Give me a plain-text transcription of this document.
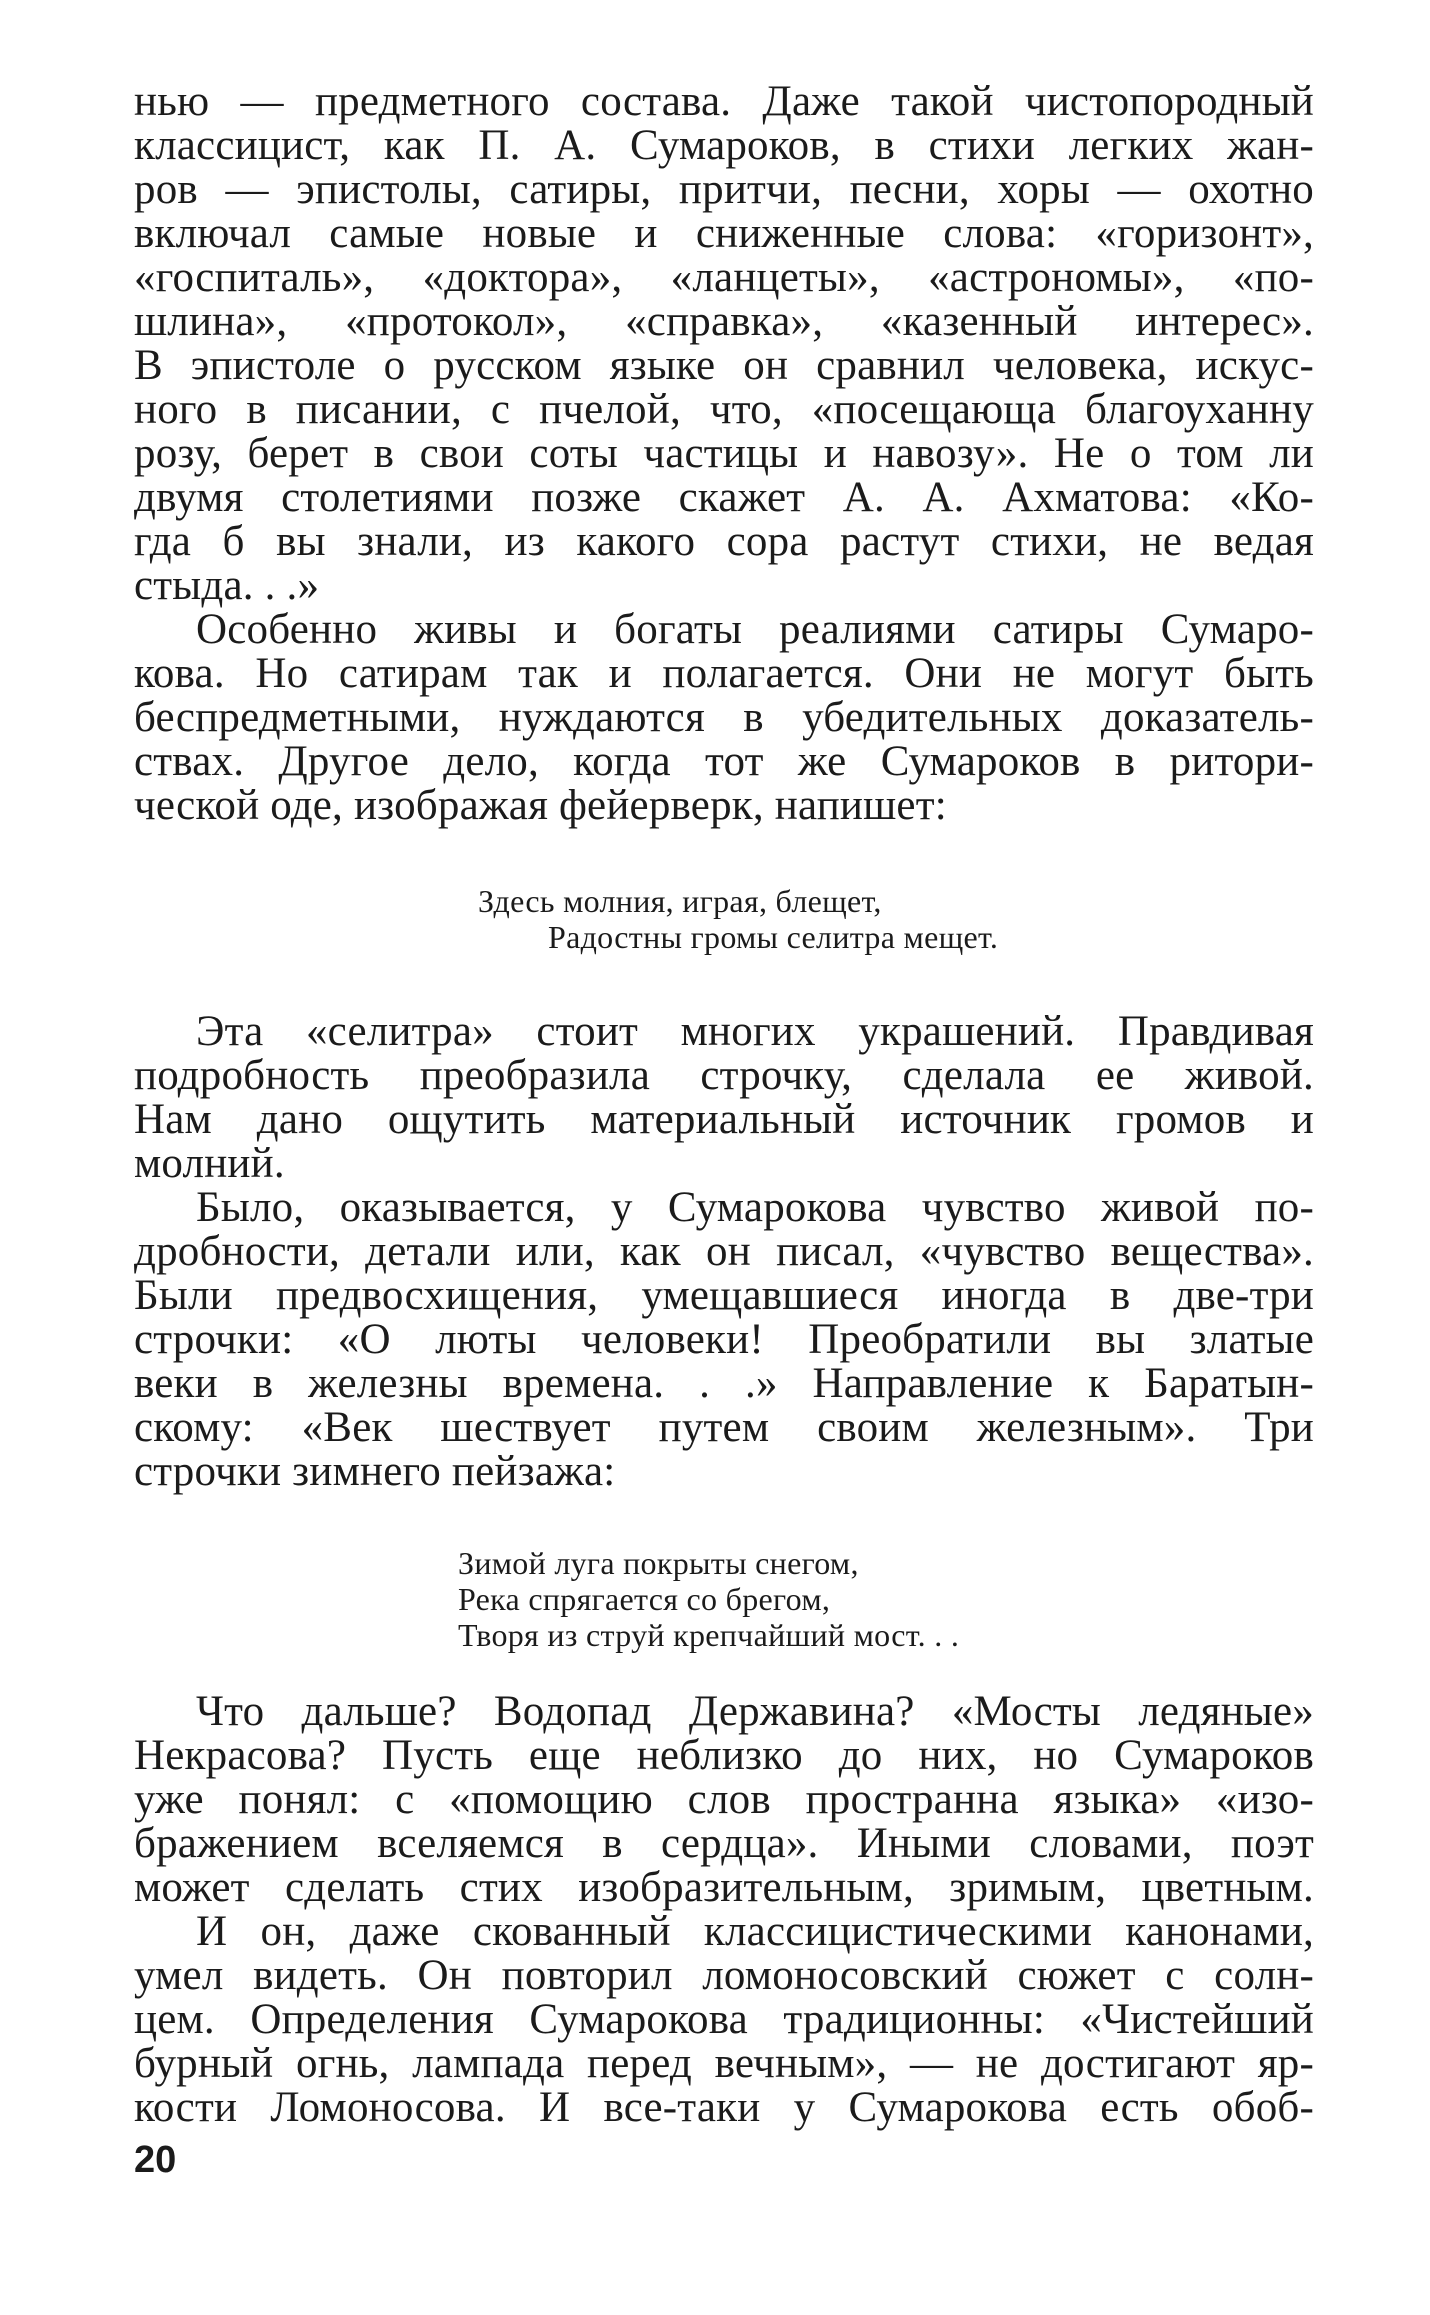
нью — предметного состава. Даже такой чистопородный
классицист, как П. А. Сумароков, в стихи легких жан-
ров — эпистолы, сатиры, притчи, песни, хоры — охотно
включал самые новые и сниженные слова: «горизонт»,
«госпиталь», «доктора», «ланцеты», «астрономы», «по-
шлина», «протокол», «справка», «казенный интерес».
В эпистоле о русском языке он сравнил человека, искус-
ного в писании, с пчелой, что, «посещающа благоуханну
розу, берет в свои соты частицы и навозу». Не о том ли
двумя столетиями позже скажет А. А. Ахматова: «Ко-
гда б вы знали, из какого сора растут стихи, не ведая
стыда. . .»
Особенно живы и богаты реалиями сатиры Сумаро-
кова. Но сатирам так и полагается. Они не могут быть
беспредметными, нуждаются в убедительных доказатель-
ствах. Другое дело, когда тот же Сумароков в ритори-
ческой оде, изображая фейерверк, напишет:
Здесь молния, играя, блещет,
Радостны громы селитра мещет.
Эта «селитра» стоит многих украшений. Правдивая
подробность преобразила строчку, сделала ее живой.
Нам дано ощутить материальный источник громов и
молний.
Было, оказывается, у Сумарокова чувство живой по-
дробности, детали или, как он писал, «чувство вещества».
Были предвосхищения, умещавшиеся иногда в две-три
строчки: «О люты человеки! Преобратили вы златые
веки в железны времена. . .» Направление к Баратын-
скому: «Век шествует путем своим железным». Три
строчки зимнего пейзажа:
Зимой луга покрыты снегом,
Река спрягается со брегом,
Творя из струй крепчайший мост. . .
Что дальше? Водопад Державина? «Мосты ледяные»
Некрасова? Пусть еще неблизко до них, но Сумароков
уже понял: с «помощию слов пространна языка» «изо-
бражением вселяемся в сердца». Иными словами, поэт
может сделать стих изобразительным, зримым, цветным.
И он, даже скованный классицистическими канонами,
умел видеть. Он повторил ломоносовский сюжет с солн-
цем. Определения Сумарокова традиционны: «Чистейший
бурный огнь, лампада перед вечным», — не достигают яр-
кости Ломоносова. И все-таки у Сумарокова есть обоб-
20
